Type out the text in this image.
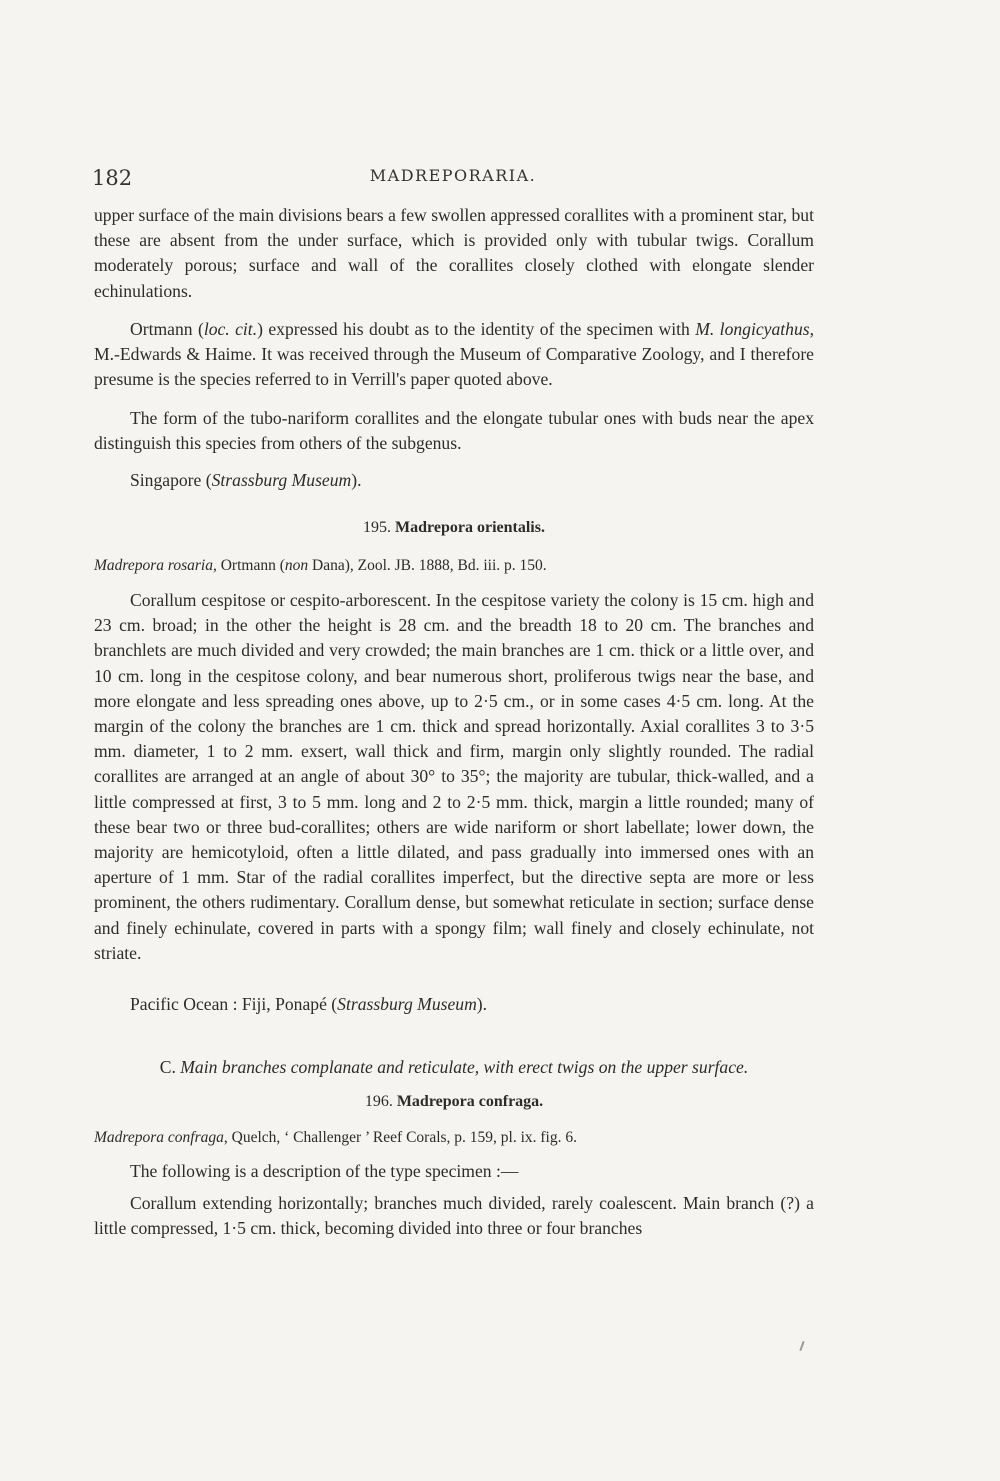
182	MADREPORARIA.
upper surface of the main divisions bears a few swollen appressed corallites with a prominent star, but these are absent from the under surface, which is provided only with tubular twigs. Corallum moderately porous; surface and wall of the corallites closely clothed with elongate slender echinulations.
Ortmann (loc. cit.) expressed his doubt as to the identity of the specimen with M. longicyathus, M.-Edwards & Haime. It was received through the Museum of Comparative Zoology, and I therefore presume is the species referred to in Verrill's paper quoted above.
The form of the tubo-nariform corallites and the elongate tubular ones with buds near the apex distinguish this species from others of the subgenus.
Singapore (Strassburg Museum).
195. Madrepora orientalis.
Madrepora rosaria, Ortmann (non Dana), Zool. JB. 1888, Bd. iii. p. 150.
Corallum cespitose or cespito-arborescent. In the cespitose variety the colony is 15 cm. high and 23 cm. broad; in the other the height is 28 cm. and the breadth 18 to 20 cm. The branches and branchlets are much divided and very crowded; the main branches are 1 cm. thick or a little over, and 10 cm. long in the cespitose colony, and bear numerous short, proliferous twigs near the base, and more elongate and less spreading ones above, up to 2·5 cm., or in some cases 4·5 cm. long. At the margin of the colony the branches are 1 cm. thick and spread horizontally. Axial corallites 3 to 3·5 mm. diameter, 1 to 2 mm. exsert, wall thick and firm, margin only slightly rounded. The radial corallites are arranged at an angle of about 30° to 35°; the majority are tubular, thick-walled, and a little compressed at first, 3 to 5 mm. long and 2 to 2·5 mm. thick, margin a little rounded; many of these bear two or three bud-corallites; others are wide nariform or short labellate; lower down, the majority are hemicotyloid, often a little dilated, and pass gradually into immersed ones with an aperture of 1 mm. Star of the radial corallites imperfect, but the directive septa are more or less prominent, the others rudimentary. Corallum dense, but somewhat reticulate in section; surface dense and finely echinulate, covered in parts with a spongy film; wall finely and closely echinulate, not striate.
Pacific Ocean : Fiji, Ponapé (Strassburg Museum).
C. Main branches complanate and reticulate, with erect twigs on the upper surface.
196. Madrepora confraga.
Madrepora confraga, Quelch, ‘ Challenger ’ Reef Corals, p. 159, pl. ix. fig. 6.
The following is a description of the type specimen :—
Corallum extending horizontally; branches much divided, rarely coalescent. Main branch (?) a little compressed, 1·5 cm. thick, becoming divided into three or four branches
